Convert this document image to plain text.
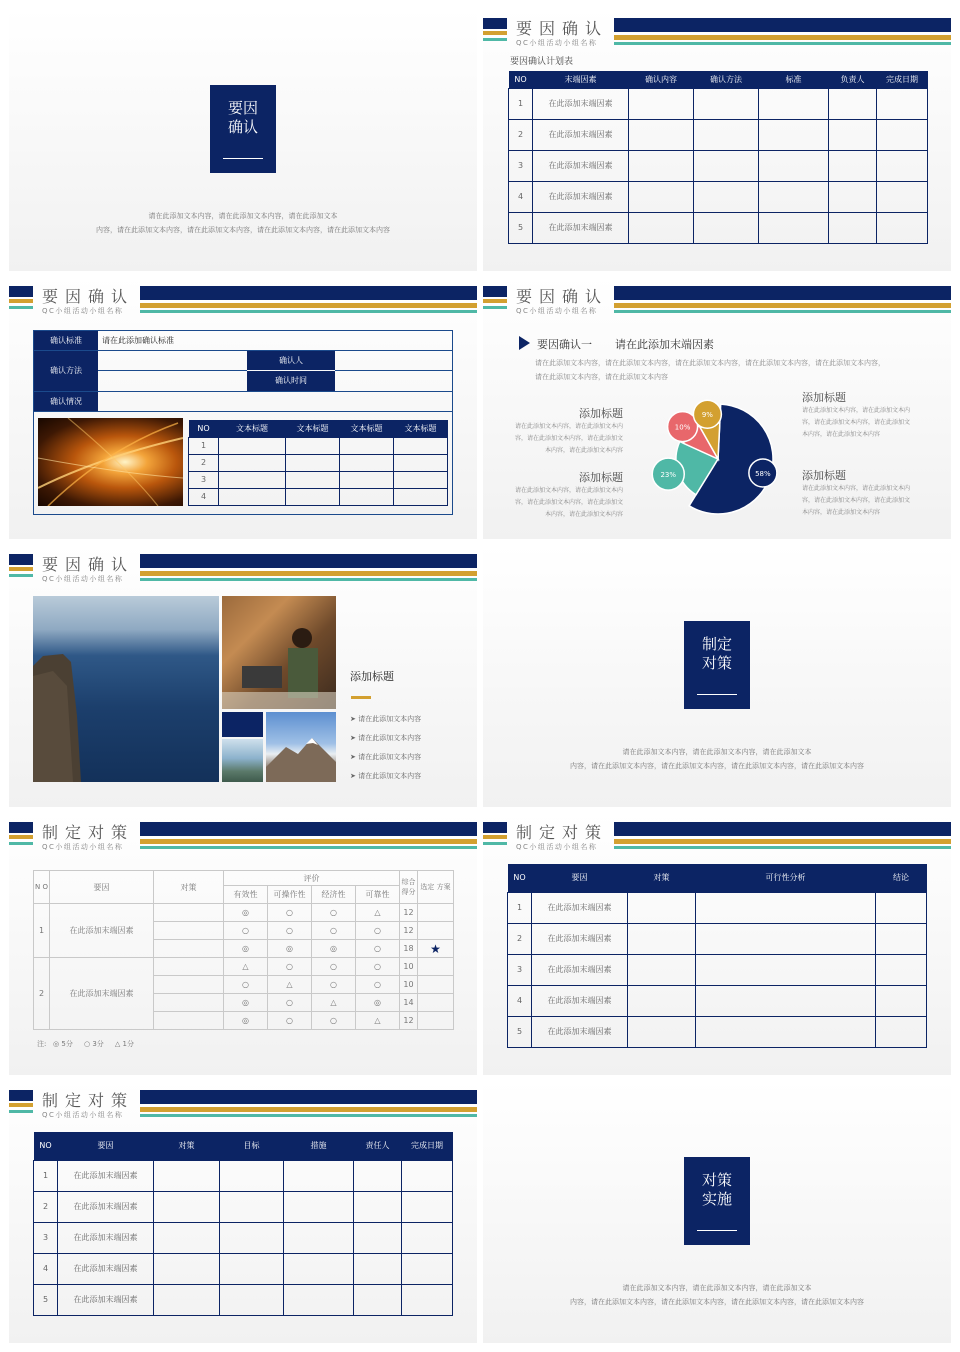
要因
确认
请在此添加文本内容，请在此添加文本内容，请在此添加文本
内容，请在此添加文本内容，请在此添加文本内容，请在此添加文本内容，请在此添加文本内容
要因确认
QC小组活动小组名称
要因确认计划表
NO	末端因素	确认内容	确认方法	标准	负责人	完成日期
1	在此添加末端因素					
2	在此添加末端因素					
3	在此添加末端因素					
4	在此添加末端因素					
5	在此添加末端因素					
要因确认
QC小组活动小组名称
确认标准	请在此添加确认标准
确认方法
确认人
确认时间
确认情况
NO	文本标题	文本标题	文本标题	文本标题
1				
2				
3				
4				
要因确认
QC小组活动小组名称
要因确认一 请在此添加末端因素
请在此添加文本内容，请在此添加文本内容，请在此添加文本内容，请在此添加文本内容，请在此添加文本内容，
请在此添加文本内容，请在此添加文本内容
58%
23%
10%
9%
添加标题
请在此添加文本内容，请在此添加文本内
容，请在此添加文本内容，请在此添加文
本内容，请在此添加文本内容
添加标题
请在此添加文本内容，请在此添加文本内
容，请在此添加文本内容，请在此添加文
本内容，请在此添加文本内容
添加标题
请在此添加文本内容，请在此添加文本内
容，请在此添加文本内容，请在此添加文
本内容，请在此添加文本内容
添加标题
请在此添加文本内容，请在此添加文本内
容，请在此添加文本内容，请在此添加文
本内容，请在此添加文本内容
要因确认
QC小组活动小组名称
添加标题
➤ 请在此添加文本内容
➤ 请在此添加文本内容
➤ 请在此添加文本内容
➤ 请在此添加文本内容
制定
对策
请在此添加文本内容，请在此添加文本内容，请在此添加文本
内容，请在此添加文本内容，请在此添加文本内容，请在此添加文本内容，请在此添加文本内容
制定对策
QC小组活动小组名称
N O	要因	对策	评价				综合 得分	选定 方案
			有效性	可操作性	经济性	可靠性		
1	在此添加末端因素		◎	○	○	△	12	
			○	○	○	○	12	
			◎	◎	◎	○	18	★
2	在此添加末端因素		△	○	○	○	10	
			○	△	○	○	10	
			◎	○	△	◎	14	
			◎	○	○	△	12	
注: ◎ 5分 ○ 3分 △ 1分
制定对策
QC小组活动小组名称
NO	要因	对策	可行性分析	结论
1	在此添加末端因素			
2	在此添加末端因素			
3	在此添加末端因素			
4	在此添加末端因素			
5	在此添加末端因素			
制定对策
QC小组活动小组名称
NO	要因	对策	目标	措施	责任人	完成日期
1	在此添加末端因素					
2	在此添加末端因素					
3	在此添加末端因素					
4	在此添加末端因素					
5	在此添加末端因素					
对策
实施
请在此添加文本内容，请在此添加文本内容，请在此添加文本
内容，请在此添加文本内容，请在此添加文本内容，请在此添加文本内容，请在此添加文本内容
